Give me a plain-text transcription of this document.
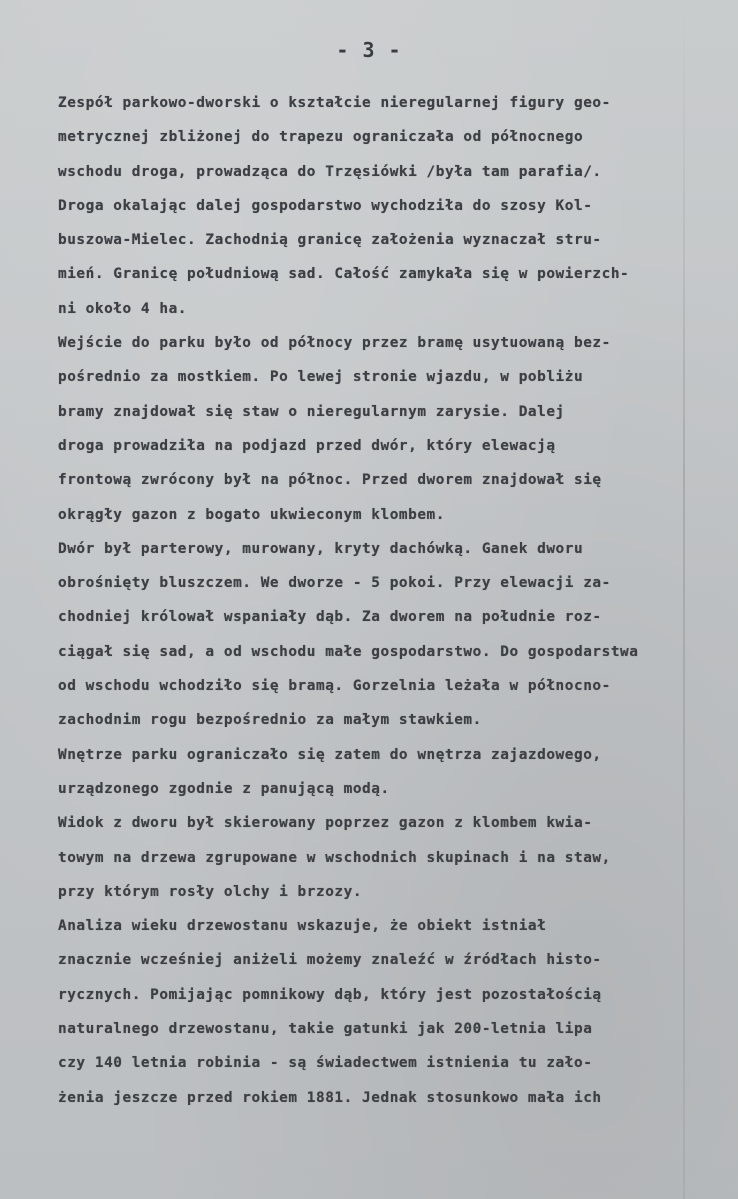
- 3 -
Zespół parkowo-dworski o kształcie nieregularnej figury geo-
metrycznej zbliżonej do trapezu ograniczała od północnego
wschodu droga, prowadząca do Trzęsiówki /była tam parafia/.
Droga okalając dalej gospodarstwo wychodziła do szosy Kol-
buszowa-Mielec. Zachodnią granicę założenia wyznaczał stru-
mień. Granicę południową sad. Całość zamykała się w powierzch-
ni około 4 ha.
Wejście do parku było od północy przez bramę usytuowaną bez-
pośrednio za mostkiem. Po lewej stronie wjazdu, w pobliżu
bramy znajdował się staw o nieregularnym zarysie. Dalej
droga prowadziła na podjazd przed dwór, który elewacją
frontową zwrócony był na północ. Przed dworem znajdował się
okrągły gazon z bogato ukwieconym klombem.
Dwór był parterowy, murowany, kryty dachówką. Ganek dworu
obrośnięty bluszczem. We dworze - 5 pokoi. Przy elewacji za-
chodniej królował wspaniały dąb. Za dworem na południe roz-
ciągał się sad, a od wschodu małe gospodarstwo. Do gospodarstwa
od wschodu wchodziło się bramą. Gorzelnia leżała w północno-
zachodnim rogu bezpośrednio za małym stawkiem.
Wnętrze parku ograniczało się zatem do wnętrza zajazdowego,
urządzonego zgodnie z panującą modą.
Widok z dworu był skierowany poprzez gazon z klombem kwia-
towym na drzewa zgrupowane w wschodnich skupinach i na staw,
przy którym rosły olchy i brzozy.
Analiza wieku drzewostanu wskazuje, że obiekt istniał
znacznie wcześniej aniżeli możemy znaleźć w źródłach histo-
rycznych. Pomijając pomnikowy dąb, który jest pozostałością
naturalnego drzewostanu, takie gatunki jak 200-letnia lipa
czy 140 letnia robinia - są świadectwem istnienia tu zało-
żenia jeszcze przed rokiem 1881. Jednak stosunkowo mała ich
